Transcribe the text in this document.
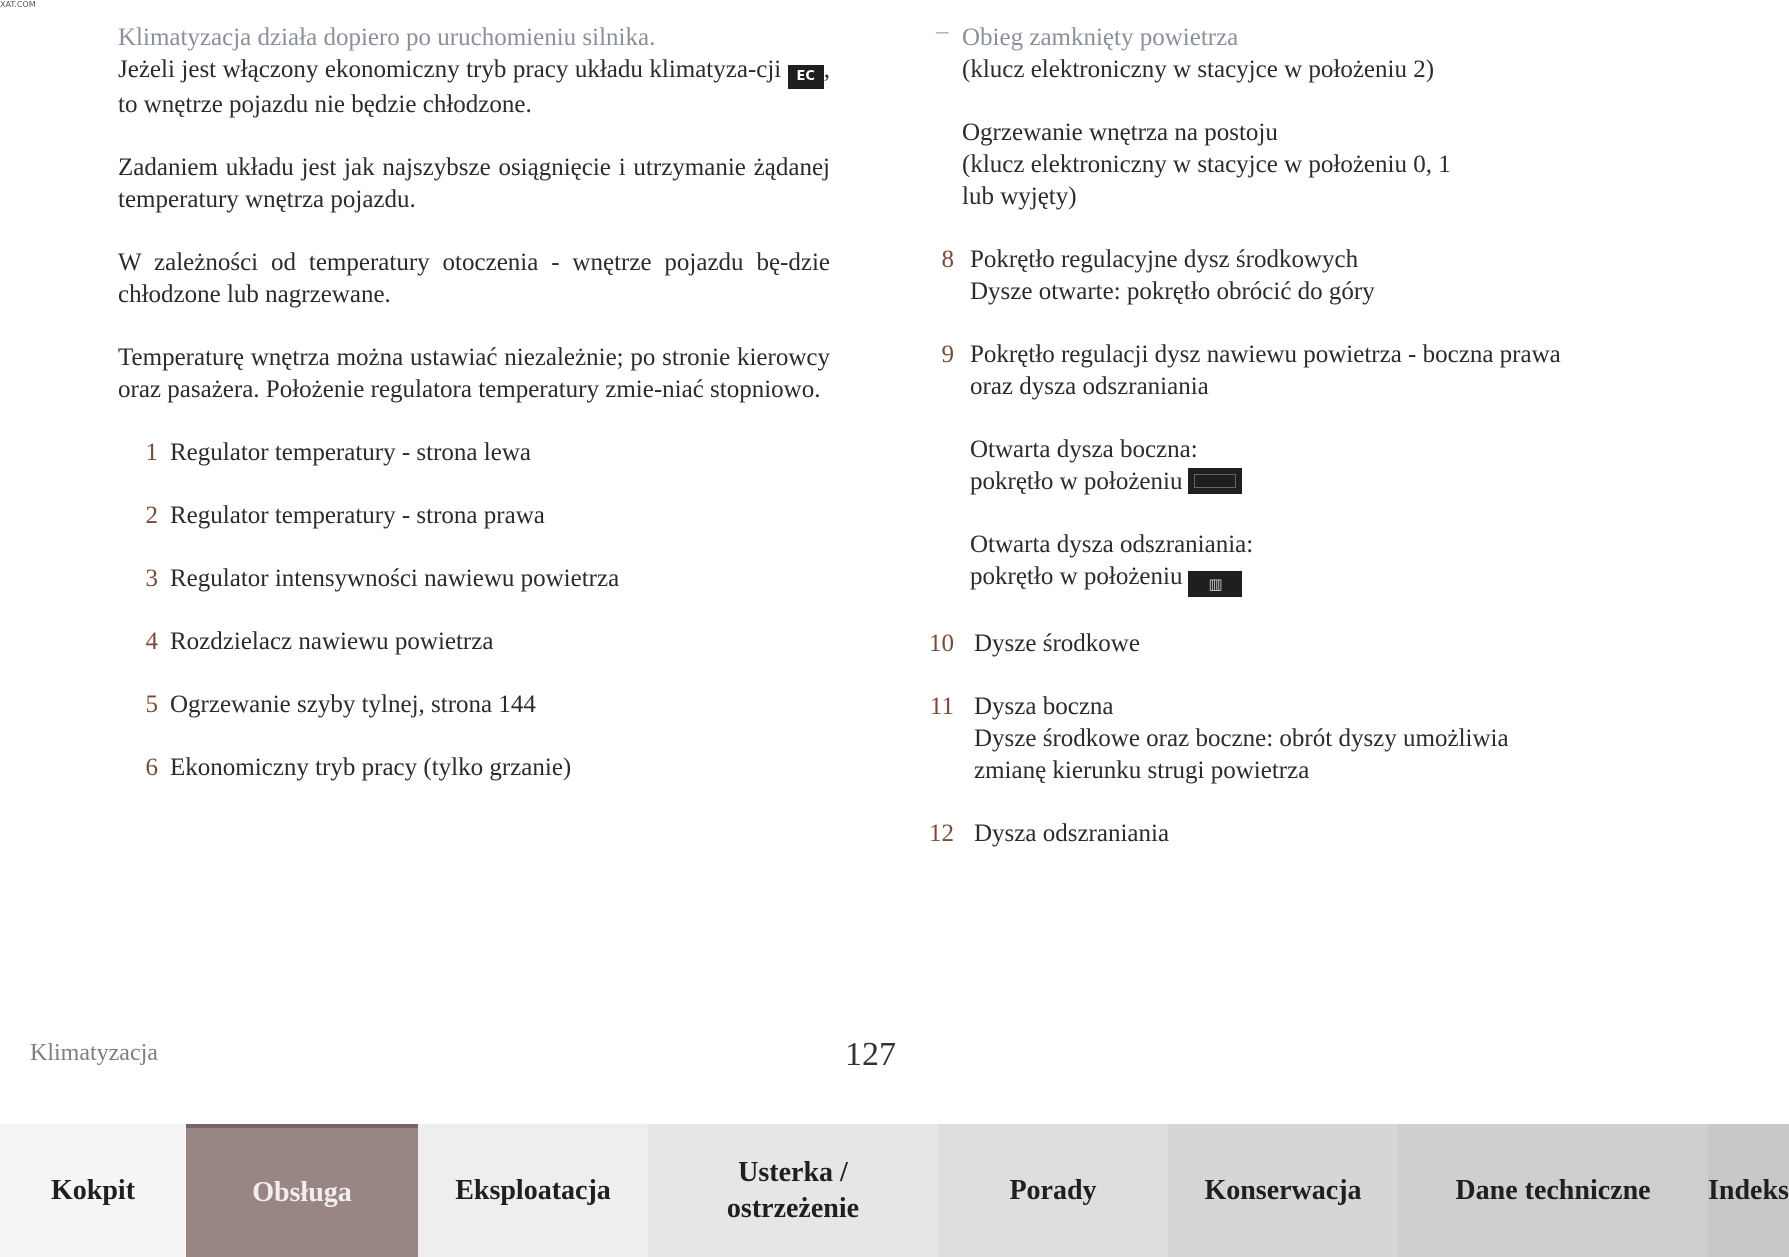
XAT.COM
Klimatyzacja działa dopiero po uruchomieniu silnika.
Jeżeli jest włączony ekonomiczny tryb pracy układu klimatyza-cji EC , to wnętrze pojazdu nie będzie chłodzone.
Zadaniem układu jest jak najszybsze osiągnięcie i utrzymanie żądanej temperatury wnętrza pojazdu.
W zależności od temperatury otoczenia - wnętrze pojazdu bę-dzie chłodzone lub nagrzewane.
Temperaturę wnętrza można ustawiać niezależnie; po stronie kierowcy oraz pasażera. Położenie regulatora temperatury zmie-niać stopniowo.
1 Regulator temperatury - strona lewa
2 Regulator temperatury - strona prawa
3 Regulator intensywności nawiewu powietrza
4 Rozdzielacz nawiewu powietrza
5 Ogrzewanie szyby tylnej, strona 144
6 Ekonomiczny tryb pracy (tylko grzanie)
– Obieg zamknięty powietrza
(klucz elektroniczny w stacyjce w położeniu 2)
Ogrzewanie wnętrza na postoju
(klucz elektroniczny w stacyjce w położeniu 0, 1
lub wyjęty)
8 Pokrętło regulacyjne dysz środkowych
Dysze otwarte: pokrętło obrócić do góry
9 Pokrętło regulacji dysz nawiewu powietrza - boczna prawa
oraz dysza odszraniania
Otwarta dysza boczna:
pokrętło w położeniu
Otwarta dysza odszraniania:
pokrętło w położeniu ▥
10 Dysze środkowe
11 Dysza boczna
Dysze środkowe oraz boczne: obrót dyszy umożliwia
zmianę kierunku strugi powietrza
12 Dysza odszraniania
Klimatyzacja	127
Kokpit	Obsługa	Eksploatacja
Usterka / ostrzeżenie
Porady	Konserwacja	Dane techniczne	Indeks
